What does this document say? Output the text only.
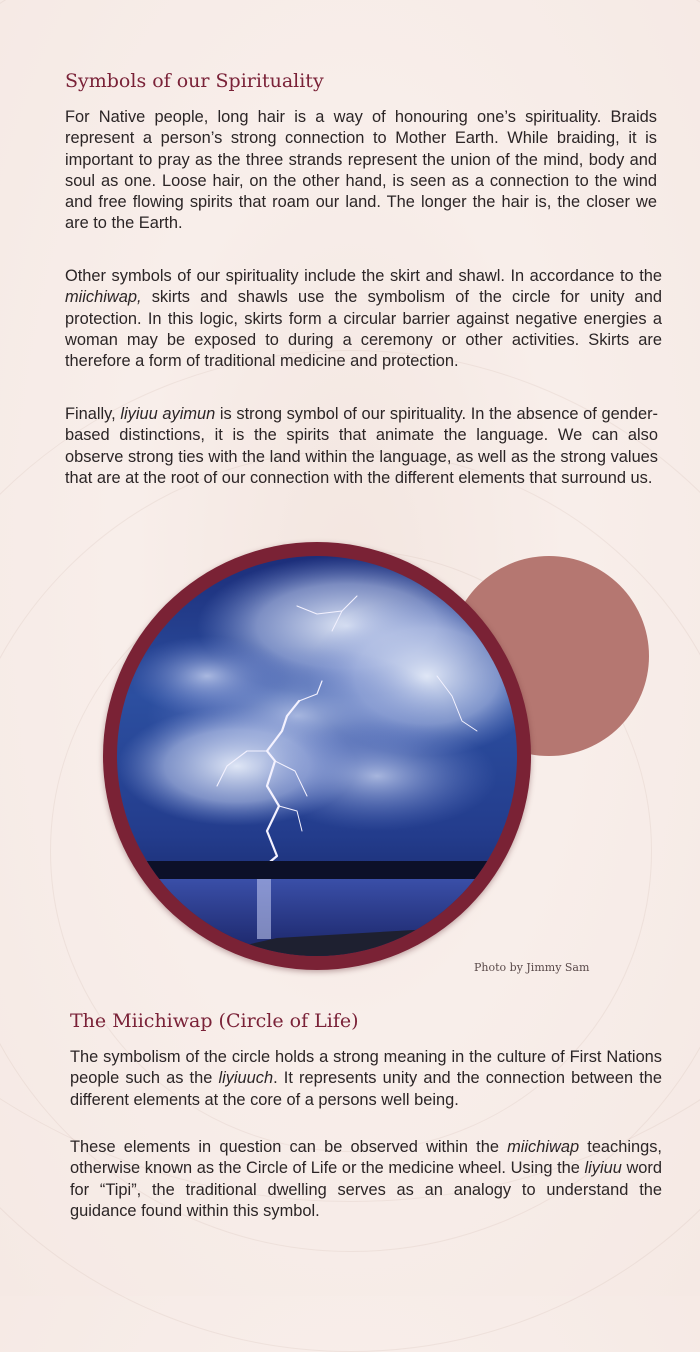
Symbols of our Spirituality

For Native people, long hair is a way of honouring one’s spirituality. Braids represent a person’s strong connection to Mother Earth. While braiding, it is important to pray as the three strands represent the union of the mind, body and soul as one. Loose hair, on the other hand, is seen as a connection to the wind and free flowing spirits that roam our land. The longer the hair is, the closer we are to the Earth.

Other symbols of our spirituality include the skirt and shawl. In accordance to the miichiwap, skirts and shawls use the symbolism of the circle for unity and protection. In this logic, skirts form a circular barrier against negative energies a woman may be exposed to during a ceremony or other activities. Skirts are therefore a form of traditional medicine and protection.

Finally, liyiuu ayimun is strong symbol of our spirituality. In the absence of gender-based distinctions, it is the spirits that animate the language. We can also observe strong ties with the land within the language, as well as the strong values that are at the root of our connection with the different elements that surround us.

Photo by Jimmy Sam
The Miichiwap (Circle of Life)

The symbolism of the circle holds a strong meaning in the culture of First Nations people such as the liyiuuch. It represents unity and the connection between the different elements at the core of a persons well being.

These elements in question can be observed within the miichiwap teachings, otherwise known as the Circle of Life or the medicine wheel. Using the liyiuu word for “Tipi”, the traditional dwelling serves as an analogy to understand the guidance found within this symbol.
